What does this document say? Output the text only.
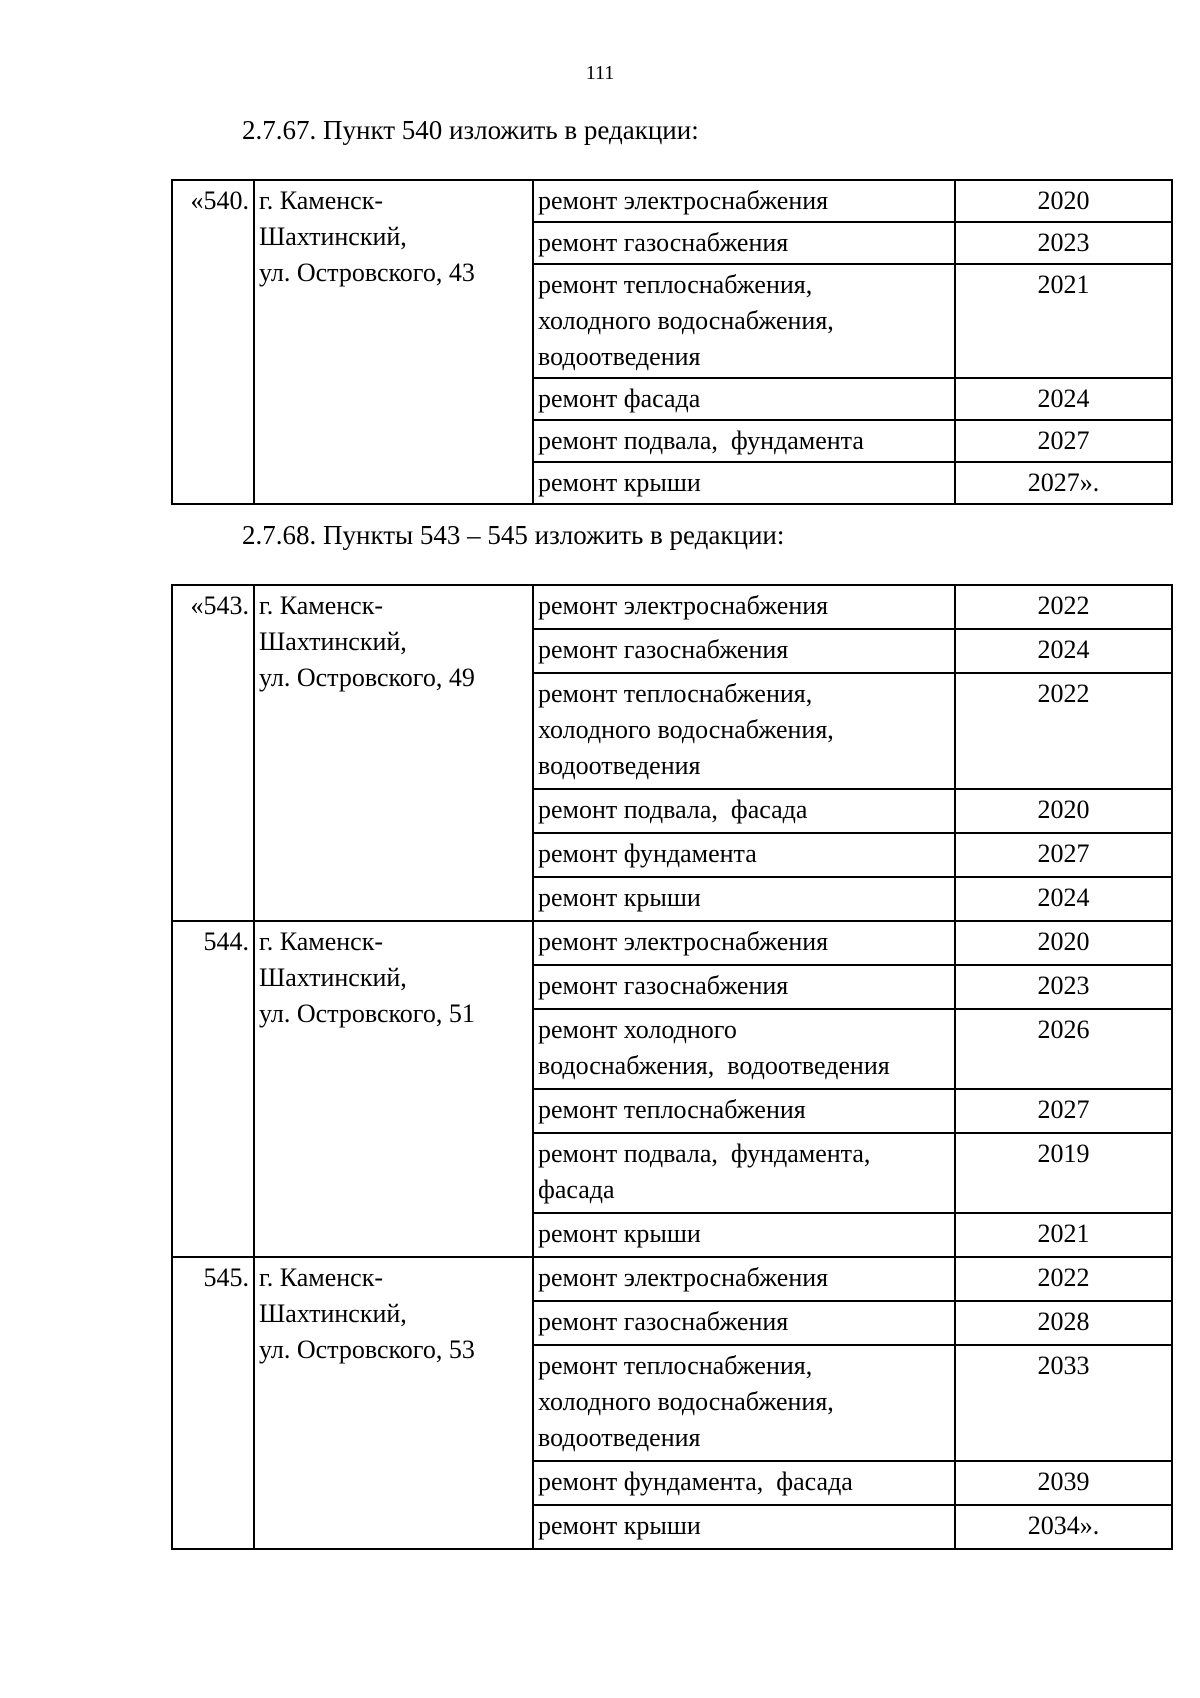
111
2.7.67. Пункт 540 изложить в редакции:
«540.	г. Каменск-
Шахтинский,
ул. Островского, 43	ремонт электроснабжения	2020
		ремонт газоснабжения	2023

		ремонт теплоснабжения,
холодного водоснабжения,
водоотведения	2021
		ремонт фасада	2024
		ремонт подвала,  фундамента	2027
		ремонт крыши	2027».
2.7.68. Пункты 543 – 545 изложить в редакции:
«543.	г. Каменск-
Шахтинский,
ул. Островского, 49	ремонт электроснабжения	2022
		ремонт газоснабжения	2024

		ремонт теплоснабжения,
холодного водоснабжения,
водоотведения	2022
		ремонт подвала,  фасада	2020
		ремонт фундамента	2027
		ремонт крыши	2024
544.	г. Каменск-
Шахтинский,
ул. Островского, 51	ремонт электроснабжения	2020
		ремонт газоснабжения	2023

		ремонт холодного
водоснабжения,  водоотведения	2026
		ремонт теплоснабжения	2027

		ремонт подвала,  фундамента,
фасада	2019
		ремонт крыши	2021
545.	г. Каменск-
Шахтинский,
ул. Островского, 53	ремонт электроснабжения	2022
		ремонт газоснабжения	2028

		ремонт теплоснабжения,
холодного водоснабжения,
водоотведения	2033
		ремонт фундамента,  фасада	2039
		ремонт крыши	2034».
